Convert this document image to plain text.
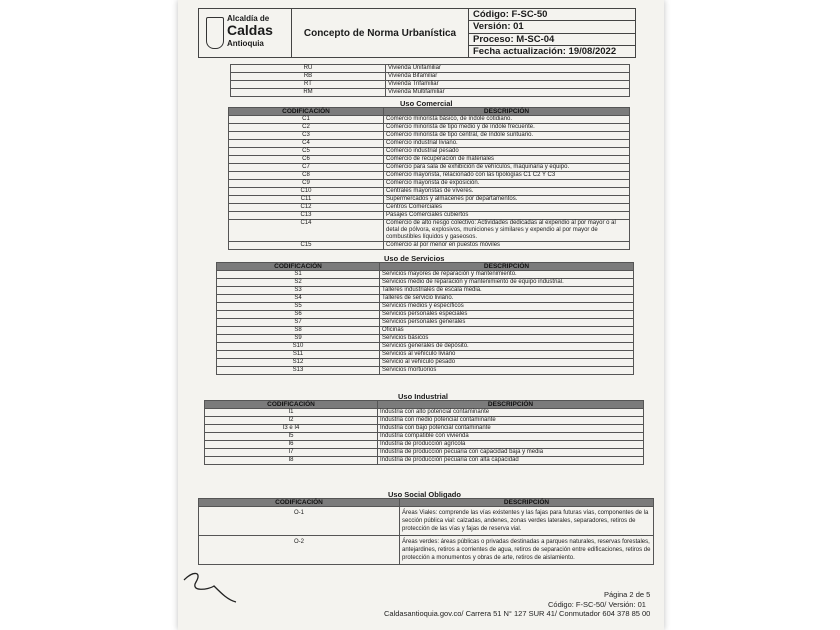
Alcaldía de
Caldas
Antioquia
Concepto de Norma Urbanística
Código: F-SC-50
Versión: 01
Proceso: M-SC-04
Fecha actualización: 19/08/2022
RU	Vivienda Unifamiliar
RB	Vivienda Bifamiliar
RT	Vivienda Trifamiliar
RM	Vivienda Multifamiliar
Uso Comercial
CODIFICACIÓN	DESCRIPCIÓN
C1	Comercio minorista básico, de índole cotidiano.
C2	Comercio minorista de tipo medio y de índole frecuente.
C3	Comercio minorista de tipo central, de índole suntuario.
C4	Comercio industrial liviano.
C5	Comercio industrial pesado
C6	Comercio de recuperación de materiales
C7	Comercio para sala de exhibición de vehículos, maquinaria y equipo.
C8	Comercio mayorista, relacionado con las tipologías C1 C2 Y C3
C9	Comercio mayorista de exposición.
C10	Centrales mayoristas de víveres.
C11	Supermercados y almacenes por departamentos.
C12	Centros Comerciales
C13	Pasajes Comerciales cubiertos
C14	Comercio de alto riesgo colectivo: Actividades dedicadas al expendio al por mayor o al detal de pólvora, explosivos, municiones y similares y expendio al por mayor de combustibles líquidos y gaseosos.
C15	Comercio al por menor en puestos móviles
Uso de Servicios
CODIFICACIÓN	DESCRIPCIÓN
S1	Servicios mayores de reparación y mantenimiento.
S2	Servicios medio de reparación y mantenimiento de equipo industrial.
S3	Talleres industriales de escala media.
S4	Talleres de servicio liviano.
S5	Servicios medios y específicos
S6	Servicios personales especiales
S7	Servicios personales generales
S8	Oficinas
S9	Servicios básicos
S10	Servicios generales de depósito.
S11	Servicios al vehículo liviano
S12	Servicio al vehículo pesado
S13	Servicios mortuorios
Uso Industrial
CODIFICACIÓN	DESCRIPCIÓN
I1	Industria con alto potencial contaminante
I2	Industria con medio potencial contaminante
I3 e I4	Industria con bajo potencial contaminante
I5	Industria compatible con vivienda
I6	Industria de producción agrícola
I7	Industria de producción pecuaria con capacidad baja y media
I8	Industria de producción pecuaria con alta capacidad
Uso Social Obligado
CODIFICACIÓN	DESCRIPCIÓN
O-1	Áreas Viales: comprende las vías existentes y las fajas para futuras vías, componentes de la sección pública vial: calzadas, andenes, zonas verdes laterales, separadores, retiros de protección de las vías y fajas de reserva vial.
O-2	Áreas verdes: áreas públicas o privadas destinadas a parques naturales, reservas forestales, antejardines, retiros a corrientes de agua, retiros de separación entre edificaciones, retiros de protección a monumentos y obras de arte, retiros de aislamiento.
Página 2 de 5
Código: F-SC-50/ Versión: 01
Caldasantioquia.gov.co/ Carrera 51 N° 127 SUR 41/ Conmutador 604 378 85 00
